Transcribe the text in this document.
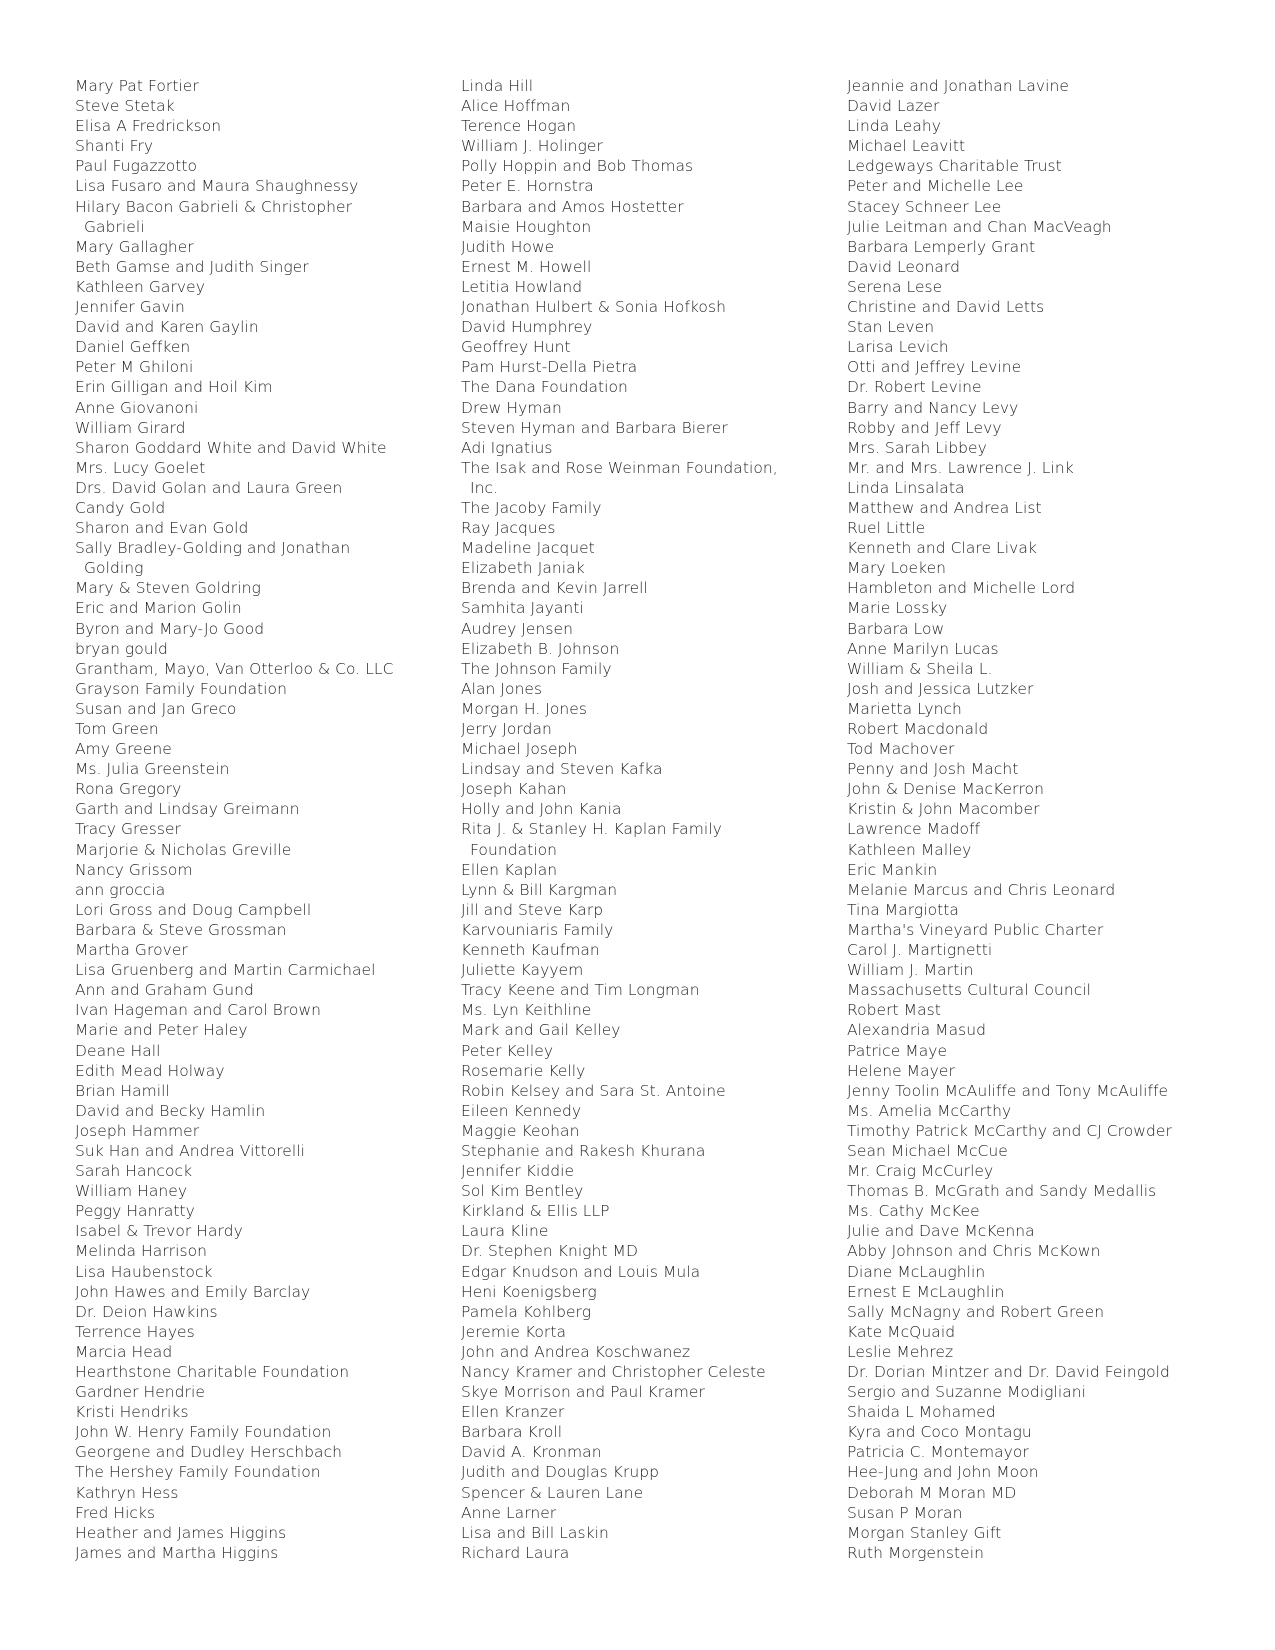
Mary Pat Fortier
Steve Stetak
Elisa A Fredrickson
Shanti Fry
Paul Fugazzotto
Lisa Fusaro and Maura Shaughnessy
Hilary Bacon Gabrieli & Christopher
Gabrieli
Mary Gallagher
Beth Gamse and Judith Singer
Kathleen Garvey
Jennifer Gavin
David and Karen Gaylin
Daniel Geffken
Peter M Ghiloni
Erin Gilligan and Hoil Kim
Anne Giovanoni
William Girard
Sharon Goddard White and David White
Mrs. Lucy Goelet
Drs. David Golan and Laura Green
Candy Gold
Sharon and Evan Gold
Sally Bradley-Golding and Jonathan
Golding
Mary & Steven Goldring
Eric and Marion Golin
Byron and Mary-Jo Good
bryan gould
Grantham, Mayo, Van Otterloo & Co. LLC
Grayson Family Foundation
Susan and Jan Greco
Tom Green
Amy Greene
Ms. Julia Greenstein
Rona Gregory
Garth and Lindsay Greimann
Tracy Gresser
Marjorie & Nicholas Greville
Nancy Grissom
ann groccia
Lori Gross and Doug Campbell
Barbara & Steve Grossman
Martha Grover
Lisa Gruenberg and Martin Carmichael
Ann and Graham Gund
Ivan Hageman and Carol Brown
Marie and Peter Haley
Deane Hall
Edith Mead Holway
Brian Hamill
David and Becky Hamlin
Joseph Hammer
Suk Han and Andrea Vittorelli
Sarah Hancock
William Haney
Peggy Hanratty
Isabel & Trevor Hardy
Melinda Harrison
Lisa Haubenstock
John Hawes and Emily Barclay
Dr. Deion Hawkins
Terrence Hayes
Marcia Head
Hearthstone Charitable Foundation
Gardner Hendrie
Kristi Hendriks
John W. Henry Family Foundation
Georgene and Dudley Herschbach
The Hershey Family Foundation
Kathryn Hess
Fred Hicks
Heather and James Higgins
James and Martha Higgins
Linda Hill
Alice Hoffman
Terence Hogan
William J. Holinger
Polly Hoppin and Bob Thomas
Peter E. Hornstra
Barbara and Amos Hostetter
Maisie Houghton
Judith Howe
Ernest M. Howell
Letitia Howland
Jonathan Hulbert & Sonia Hofkosh
David Humphrey
Geoffrey Hunt
Pam Hurst-Della Pietra
The Dana Foundation
Drew Hyman
Steven Hyman and Barbara Bierer
Adi Ignatius
The Isak and Rose Weinman Foundation,
Inc.
The Jacoby Family
Ray Jacques
Madeline Jacquet
Elizabeth Janiak
Brenda and Kevin Jarrell
Samhita Jayanti
Audrey Jensen
Elizabeth B. Johnson
The Johnson Family
Alan Jones
Morgan H. Jones
Jerry Jordan
Michael Joseph
Lindsay and Steven Kafka
Joseph Kahan
Holly and John Kania
Rita J. & Stanley H. Kaplan Family
Foundation
Ellen Kaplan
Lynn & Bill Kargman
Jill and Steve Karp
Karvouniaris Family
Kenneth Kaufman
Juliette Kayyem
Tracy Keene and Tim Longman
Ms. Lyn Keithline
Mark and Gail Kelley
Peter Kelley
Rosemarie Kelly
Robin Kelsey and Sara St. Antoine
Eileen Kennedy
Maggie Keohan
Stephanie and Rakesh Khurana
Jennifer Kiddie
Sol Kim Bentley
Kirkland & Ellis LLP
Laura Kline
Dr. Stephen Knight MD
Edgar Knudson and Louis Mula
Heni Koenigsberg
Pamela Kohlberg
Jeremie Korta
John and Andrea Koschwanez
Nancy Kramer and Christopher Celeste
Skye Morrison and Paul Kramer
Ellen Kranzer
Barbara Kroll
David A. Kronman
Judith and Douglas Krupp
Spencer & Lauren Lane
Anne Larner
Lisa and Bill Laskin
Richard Laura
Jeannie and Jonathan Lavine
David Lazer
Linda Leahy
Michael Leavitt
Ledgeways Charitable Trust
Peter and Michelle Lee
Stacey Schneer Lee
Julie Leitman and Chan MacVeagh
Barbara Lemperly Grant
David Leonard
Serena Lese
Christine and David Letts
Stan Leven
Larisa Levich
Otti and Jeffrey Levine
Dr. Robert Levine
Barry and Nancy Levy
Robby and Jeff Levy
Mrs. Sarah Libbey
Mr. and Mrs. Lawrence J. Link
Linda Linsalata
Matthew and Andrea List
Ruel Little
Kenneth and Clare Livak
Mary Loeken
Hambleton and Michelle Lord
Marie Lossky
Barbara Low
Anne Marilyn Lucas
William & Sheila L.
Josh and Jessica Lutzker
Marietta Lynch
Robert Macdonald
Tod Machover
Penny and Josh Macht
John & Denise MacKerron
Kristin & John Macomber
Lawrence Madoff
Kathleen Malley
Eric Mankin
Melanie Marcus and Chris Leonard
Tina Margiotta
Martha's Vineyard Public Charter
Carol J. Martignetti
William J. Martin
Massachusetts Cultural Council
Robert Mast
Alexandria Masud
Patrice Maye
Helene Mayer
Jenny Toolin McAuliffe and Tony McAuliffe
Ms. Amelia McCarthy
Timothy Patrick McCarthy and CJ Crowder
Sean Michael McCue
Mr. Craig McCurley
Thomas B. McGrath and Sandy Medallis
Ms. Cathy McKee
Julie and Dave McKenna
Abby Johnson and Chris McKown
Diane McLaughlin
Ernest E McLaughlin
Sally McNagny and Robert Green
Kate McQuaid
Leslie Mehrez
Dr. Dorian Mintzer and Dr. David Feingold
Sergio and Suzanne Modigliani
Shaida L Mohamed
Kyra and Coco Montagu
Patricia C. Montemayor
Hee-Jung and John Moon
Deborah M Moran MD
Susan P Moran
Morgan Stanley Gift
Ruth Morgenstein
